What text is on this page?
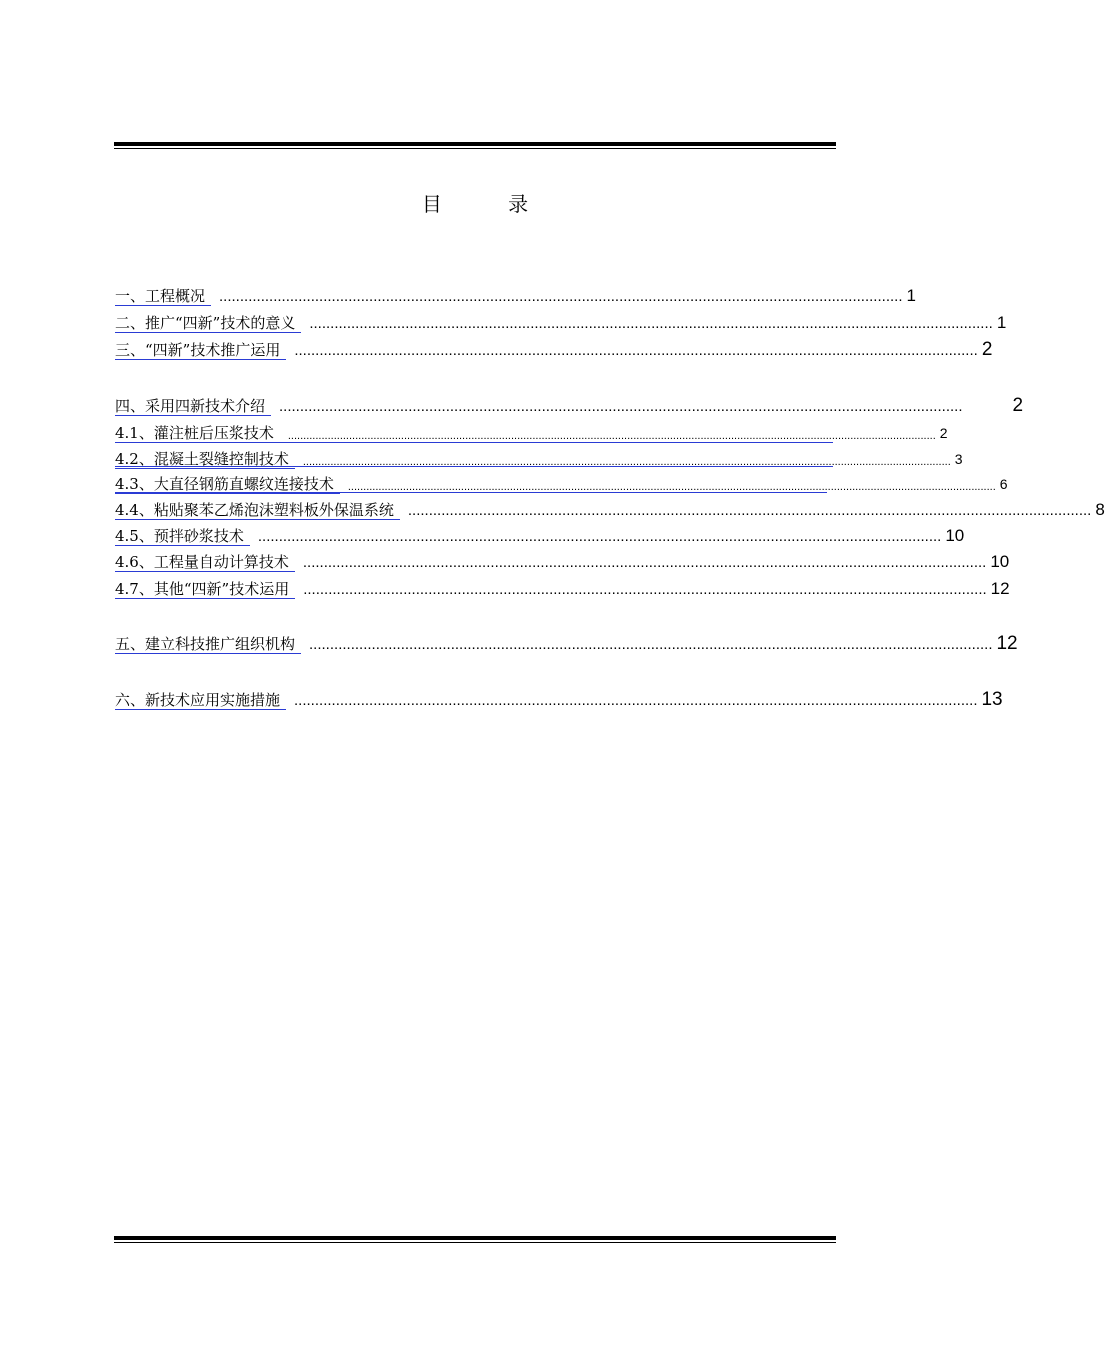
目 录
一、工程概况 .................................................................................................................................................................... 1
二、推广“四新”技术的意义 .................................................................................................................................................................... 1
三、“四新”技术推广运用 .................................................................................................................................................................... 2
四、采用四新技术介绍 ....................................................................................................................................................................	2
4.1、灌注桩后压浆技术	.................................................................................................................................................................................................................... 2
4.2、混凝土裂缝控制技术	.................................................................................................................................................................................................................... 3
4.3、大直径钢筋直螺纹连接技术	.................................................................................................................................................................................................................... 6
4.4、粘贴聚苯乙烯泡沫塑料板外保温系统 .................................................................................................................................................................... 8
4.5、预拌砂浆技术 .................................................................................................................................................................... 10
4.6、工程量自动计算技术 .................................................................................................................................................................... 10
4.7、其他“四新”技术运用 .................................................................................................................................................................... 12
五、建立科技推广组织机构 .................................................................................................................................................................... 12
六、新技术应用实施措施 .................................................................................................................................................................... 13
